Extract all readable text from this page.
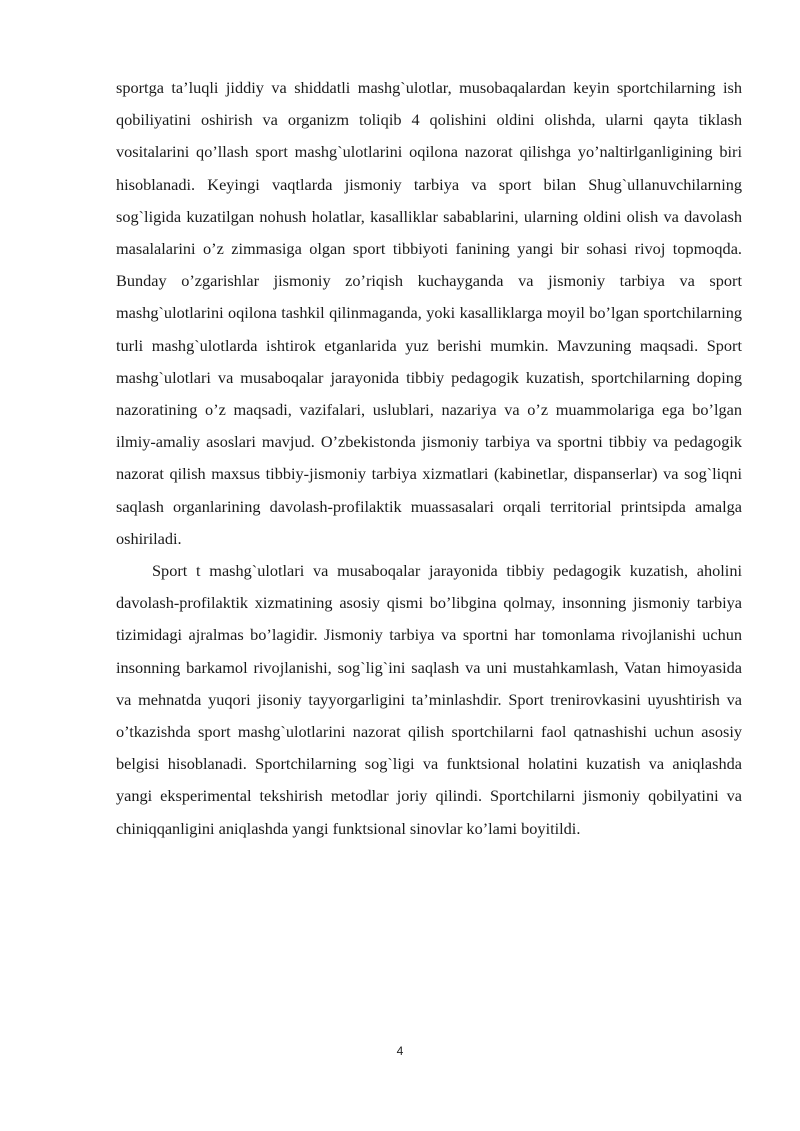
sportga ta’luqli jiddiy va shiddatli mashg`ulotlar, musobaqalardan keyin sportchilarning ish qobiliyatini oshirish va organizm toliqib 4 qolishini oldini olishda, ularni qayta tiklash vositalarini qo’llash sport mashg`ulotlarini oqilona nazorat qilishga yo’naltirlganligining biri hisoblanadi. Keyingi vaqtlarda jismoniy tarbiya va sport bilan Shug`ullanuvchilarning sog`ligida kuzatilgan nohush holatlar, kasalliklar sabablarini, ularning oldini olish va davolash masalalarini o’z zimmasiga olgan sport tibbiyoti fanining yangi bir sohasi rivoj topmoqda. Bunday o’zgarishlar jismoniy zo’riqish kuchayganda va jismoniy tarbiya va sport mashg`ulotlarini oqilona tashkil qilinmaganda, yoki kasalliklarga moyil bo’lgan sportchilarning turli mashg`ulotlarda ishtirok etganlarida yuz berishi mumkin. Mavzuning maqsadi. Sport mashg`ulotlari va musaboqalar jarayonida tibbiy pedagogik kuzatish, sportchilarning doping nazoratining o’z maqsadi, vazifalari, uslublari, nazariya va o’z muammolariga ega bo’lgan ilmiy-amaliy asoslari mavjud. O’zbekistonda jismoniy tarbiya va sportni tibbiy va pedagogik nazorat qilish maxsus tibbiy-jismoniy tarbiya xizmatlari (kabinetlar, dispanserlar) va sog`liqni saqlash organlarining davolash-profilaktik muassasalari orqali territorial printsipda amalga oshiriladi.

Sport t mashg`ulotlari va musaboqalar jarayonida tibbiy pedagogik kuzatish, aholini davolash-profilaktik xizmatining asosiy qismi bo’libgina qolmay, insonning jismoniy tarbiya tizimidagi ajralmas bo’lagidir. Jismoniy tarbiya va sportni har tomonlama rivojlanishi uchun insonning barkamol rivojlanishi, sog`lig`ini saqlash va uni mustahkamlash, Vatan himoyasida va mehnatda yuqori jisoniy tayyorgarligini ta’minlashdir. Sport trenirovkasini uyushtirish va o’tkazishda sport mashg`ulotlarini nazorat qilish sportchilarni faol qatnashishi uchun asosiy belgisi hisoblanadi. Sportchilarning sog`ligi va funktsional holatini kuzatish va aniqlashda yangi eksperimental tekshirish metodlar joriy qilindi. Sportchilarni jismoniy qobilyatini va chiniqqanligini aniqlashda yangi funktsional sinovlar ko’lami boyitildi.

4
